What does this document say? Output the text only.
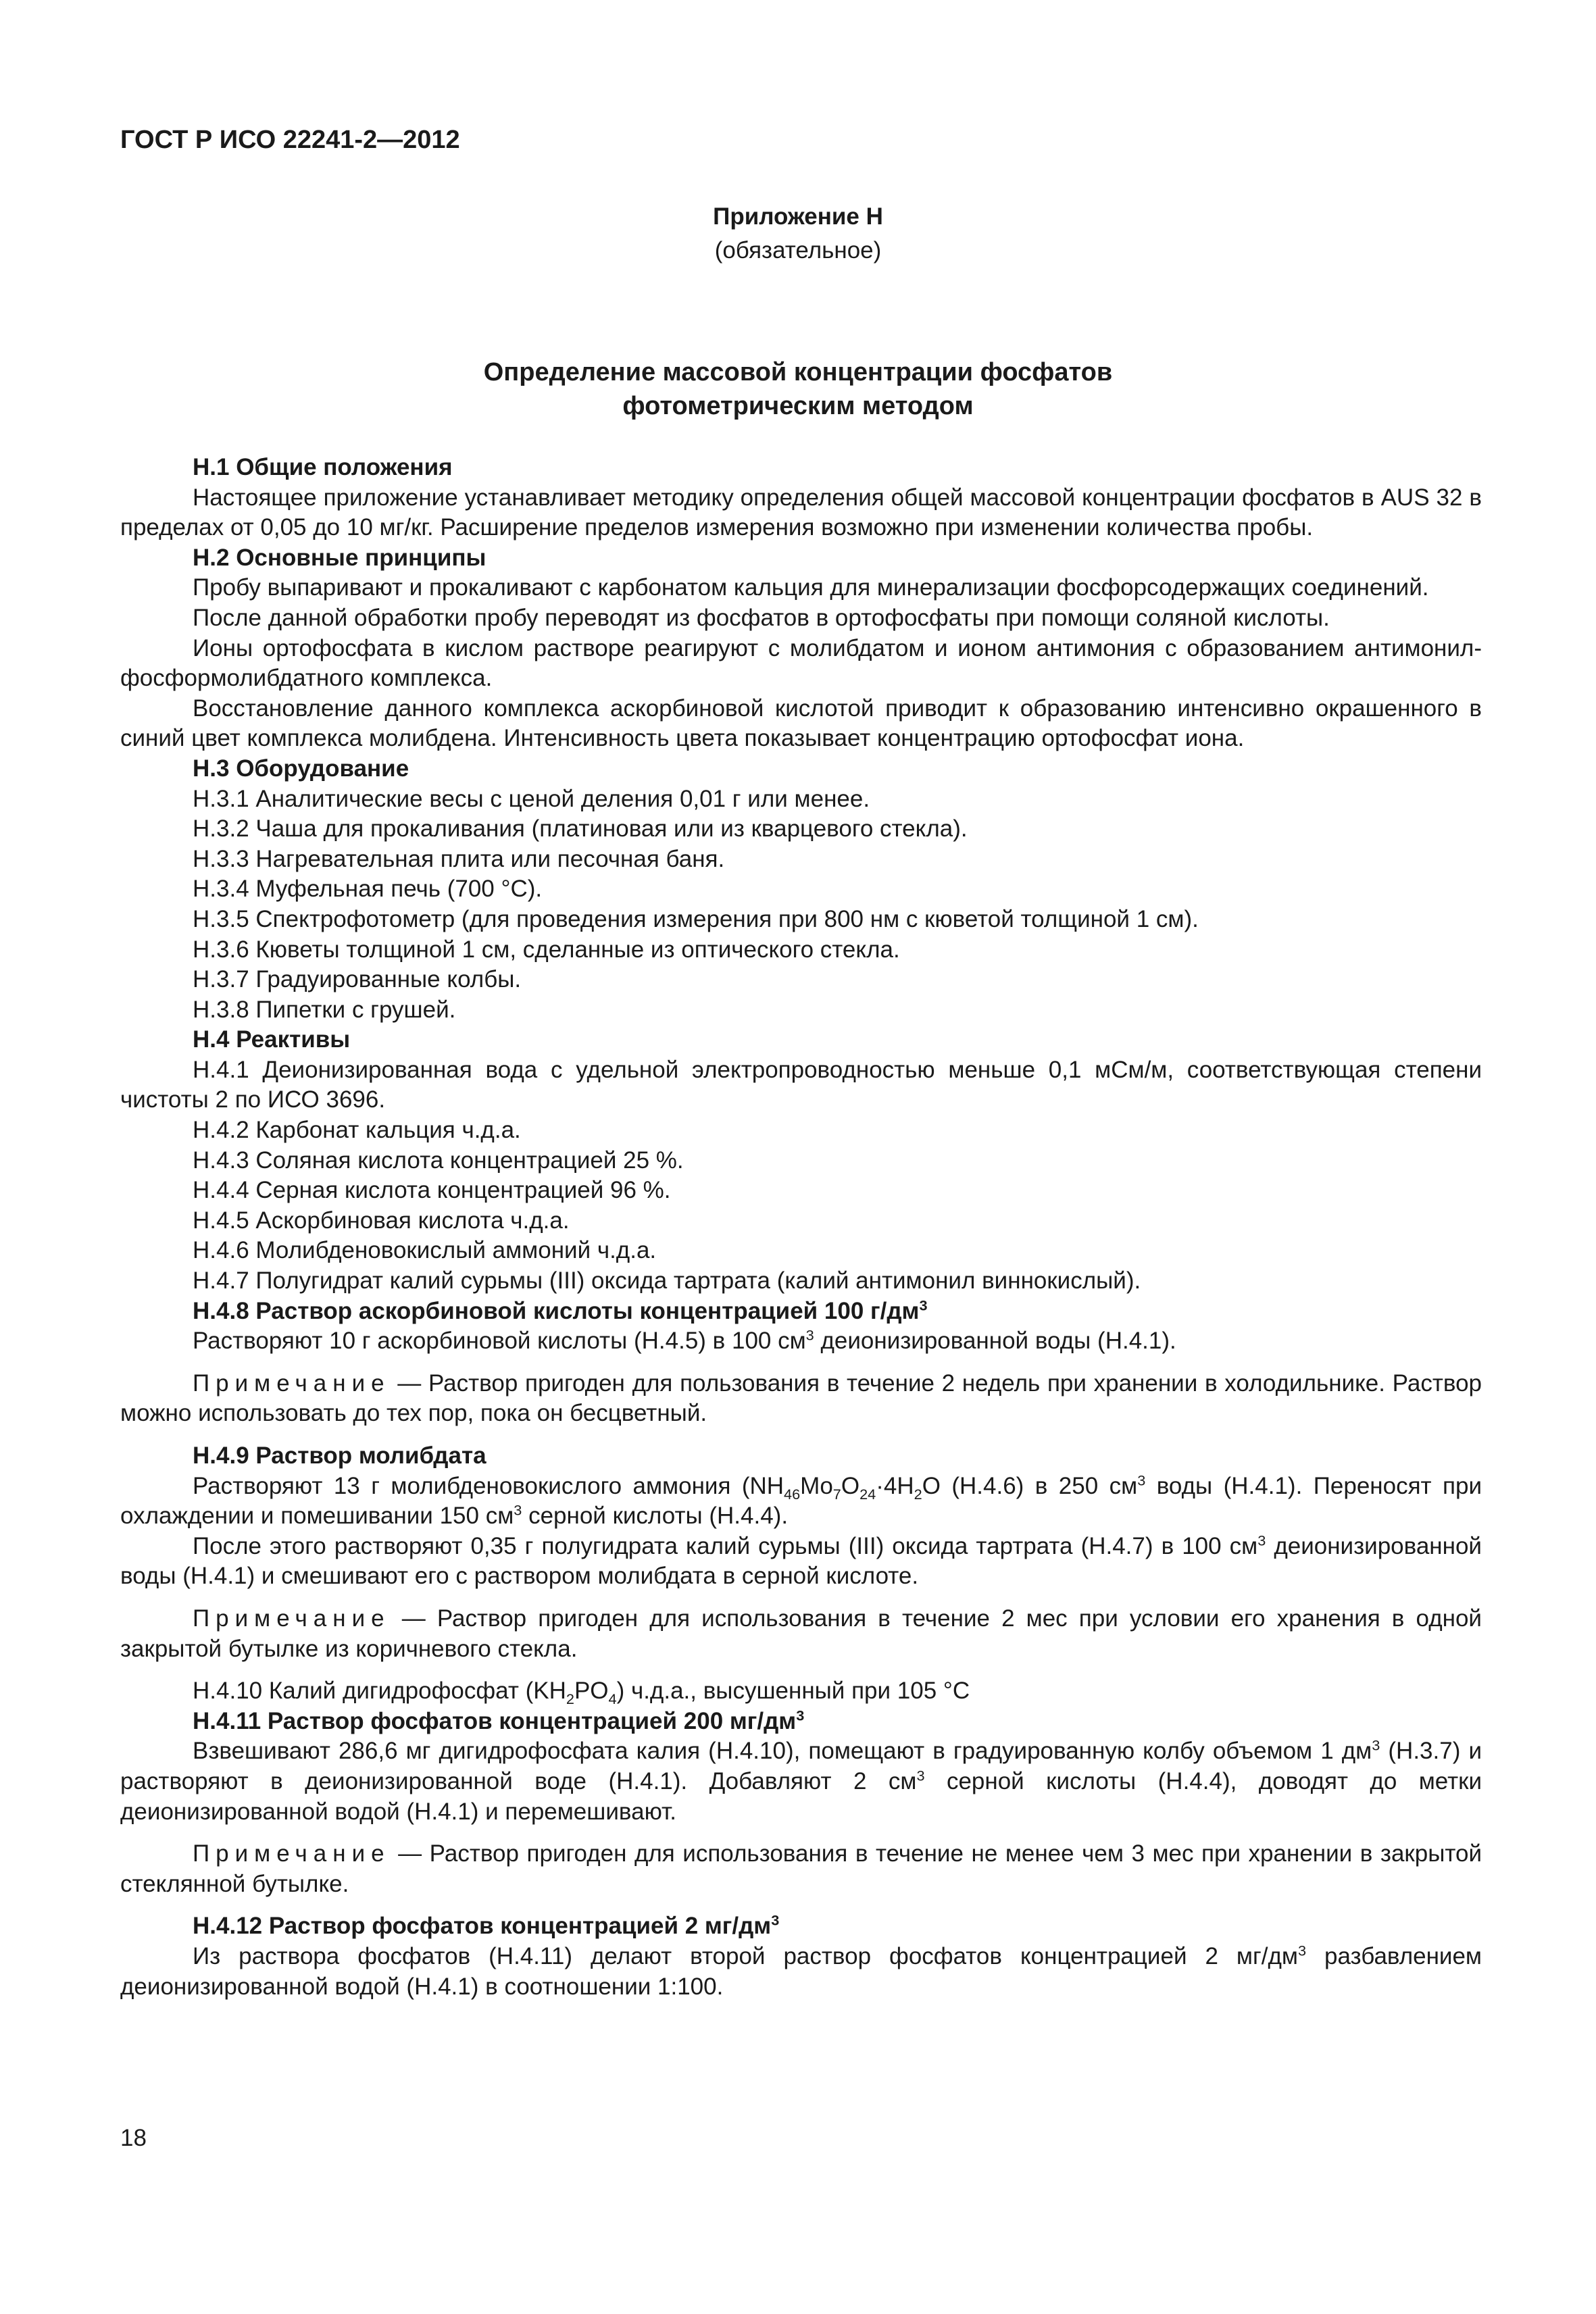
ГОСТ Р ИСО 22241-2—2012
Приложение Н
(обязательное)
Определение массовой концентрации фосфатов
фотометрическим методом

Н.1 Общие положения

Настоящее приложение устанавливает методику определения общей массовой концентрации фосфатов в AUS 32 в пределах от 0,05 до 10 мг/кг. Расширение пределов измерения возможно при изменении количества пробы.

Н.2 Основные принципы

Пробу выпаривают и прокаливают с карбонатом кальция для минерализации фосфорсодержащих соединений.

После данной обработки пробу переводят из фосфатов в ортофосфаты при помощи соляной кислоты.

Ионы ортофосфата в кислом растворе реагируют с молибдатом и ионом антимония с образованием антимонил-фосформолибдатного комплекса.

Восстановление данного комплекса аскорбиновой кислотой приводит к образованию интенсивно окрашенного в синий цвет комплекса молибдена. Интенсивность цвета показывает концентрацию ортофосфат иона.

Н.3 Оборудование

Н.3.1 Аналитические весы с ценой деления 0,01 г или менее.

Н.3.2 Чаша для прокаливания (платиновая или из кварцевого стекла).

Н.3.3 Нагревательная плита или песочная баня.

Н.3.4 Муфельная печь (700 °С).

Н.3.5 Спектрофотометр (для проведения измерения при 800 нм с кюветой толщиной 1 см).

Н.3.6 Кюветы толщиной 1 см, сделанные из оптического стекла.

Н.3.7 Градуированные колбы.

Н.3.8 Пипетки с грушей.

Н.4 Реактивы

Н.4.1 Деионизированная вода с удельной электропроводностью меньше 0,1 мСм/м, соответствующая степени чистоты 2 по ИСО 3696.

Н.4.2 Карбонат кальция ч.д.а.

Н.4.3 Соляная кислота концентрацией 25 %.

Н.4.4 Серная кислота концентрацией 96 %.

Н.4.5 Аскорбиновая кислота ч.д.а.

Н.4.6 Молибденовокислый аммоний ч.д.а.

Н.4.7 Полугидрат калий сурьмы (III) оксида тартрата (калий антимонил виннокислый).

Н.4.8 Раствор аскорбиновой кислоты концентрацией 100 $г/дм^3$

Растворяют 10 г аскорбиновой кислоты (Н.4.5) в 100 $см^3$ деионизированной воды (Н.4.1).

Примечание — Раствор пригоден для пользования в течение 2 недель при хранении в холодильнике. Раствор можно использовать до тех пор, пока он бесцветный.

Н.4.9 Раствор молибдата

Растворяют 13 г молибденовокислого аммония ($NH_{46}Mo_7O_{24}\cdot 4H_2O$ (Н.4.6) в 250 $см^3$ воды (Н.4.1). Переносят при охлаждении и помешивании 150 $см^3$ серной кислоты (Н.4.4).

После этого растворяют 0,35 г полугидрата калий сурьмы (III) оксида тартрата (Н.4.7) в 100 $см^3$ деионизированной воды (Н.4.1) и смешивают его с раствором молибдата в серной кислоте.

Примечание — Раствор пригоден для использования в течение 2 мес при условии его хранения в одной закрытой бутылке из коричневого стекла.

Н.4.10 Калий дигидрофосфат $(KH_2PO_4)$ ч.д.а., высушенный при 105 °С

Н.4.11 Раствор фосфатов концентрацией 200 $мг/дм^3$

Взвешивают 286,6 мг дигидрофосфата калия (Н.4.10), помещают в градуированную колбу объемом 1 $дм^3$ (Н.3.7) и растворяют в деионизированной воде (Н.4.1). Добавляют 2 $см^3$ серной кислоты (Н.4.4), доводят до метки деионизированной водой (Н.4.1) и перемешивают.

Примечание — Раствор пригоден для использования в течение не менее чем 3 мес при хранении в закрытой стеклянной бутылке.

Н.4.12 Раствор фосфатов концентрацией 2 $мг/дм^3$

Из раствора фосфатов (Н.4.11) делают второй раствор фосфатов концентрацией 2 $мг/дм^3$ разбавлением деионизированной водой (Н.4.1) в соотношении 1:100.

18
